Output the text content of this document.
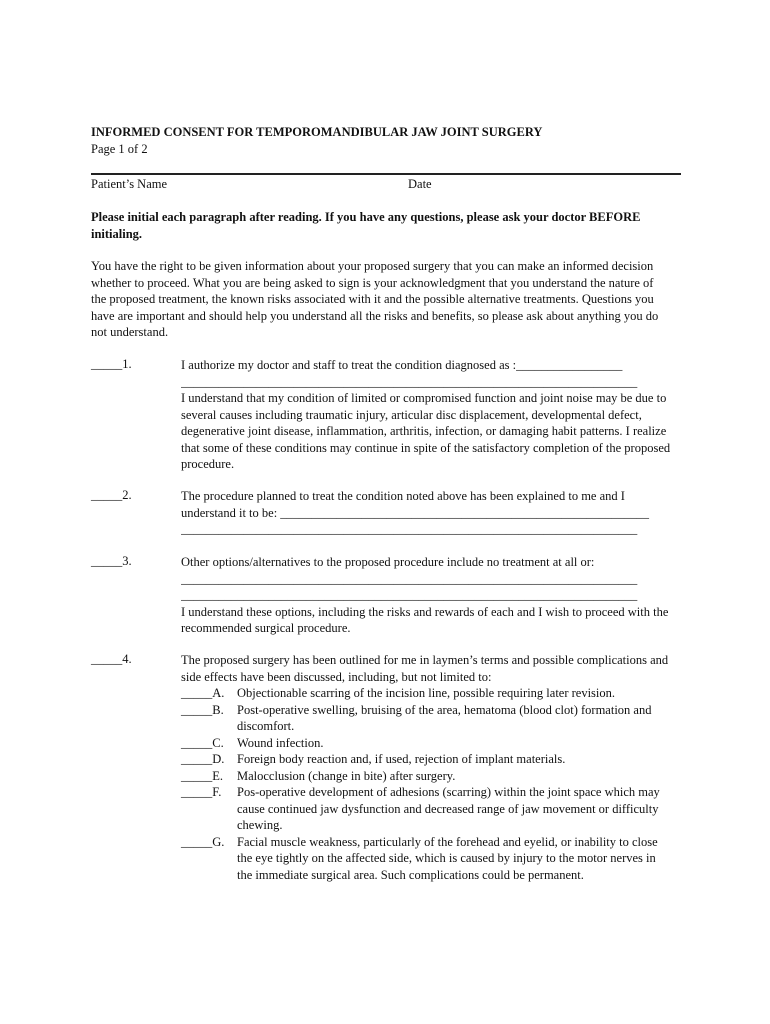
INFORMED CONSENT FOR TEMPOROMANDIBULAR JAW JOINT SURGERY
Page 1 of 2
Patient’s Name	Date
Please initial each paragraph after reading. If you have any questions, please ask your doctor BEFORE initialing.
You have the right to be given information about your proposed surgery that you can make an informed decision whether to proceed. What you are being asked to sign is your acknowledgment that you understand the nature of the proposed treatment, the known risks associated with it and the possible alternative treatments. Questions you have are important and should help you understand all the risks and benefits, so please ask about anything you do not understand.
_____1.	I authorize my doctor and staff to treat the condition diagnosed as :_________________

_________________________________________________________________________

I understand that my condition of limited or compromised function and joint noise may be due to several causes including traumatic injury, articular disc displacement, developmental defect, degenerative joint disease, inflammation, arthritis, infection, or damaging habit patterns. I realize that some of these conditions may continue in spite of the satisfactory completion of the proposed procedure.

_____2.	The procedure planned to treat the condition noted above has been explained to me and I

understand it to be: ___________________________________________________________

_________________________________________________________________________

_____3.	Other options/alternatives to the proposed procedure include no treatment at all or:

_________________________________________________________________________

_________________________________________________________________________

I understand these options, including the risks and rewards of each and I wish to proceed with the recommended surgical procedure.

_____4.	The proposed surgery has been outlined for me in laymen’s terms and possible complications and side effects have been discussed, including, but not limited to:

_____A. Objectionable scarring of the incision line, possible requiring later revision.
_____B. Post-operative swelling, bruising of the area, hematoma (blood clot) formation and discomfort.
_____C. Wound infection.
_____D. Foreign body reaction and, if used, rejection of implant materials.
_____E. Malocclusion (change in bite) after surgery.
_____F. Pos-operative development of adhesions (scarring) within the joint space which may cause continued jaw dysfunction and decreased range of jaw movement or difficulty chewing.
_____G. Facial muscle weakness, particularly of the forehead and eyelid, or inability to close the eye tightly on the affected side, which is caused by injury to the motor nerves in the immediate surgical area. Such complications could be permanent.
